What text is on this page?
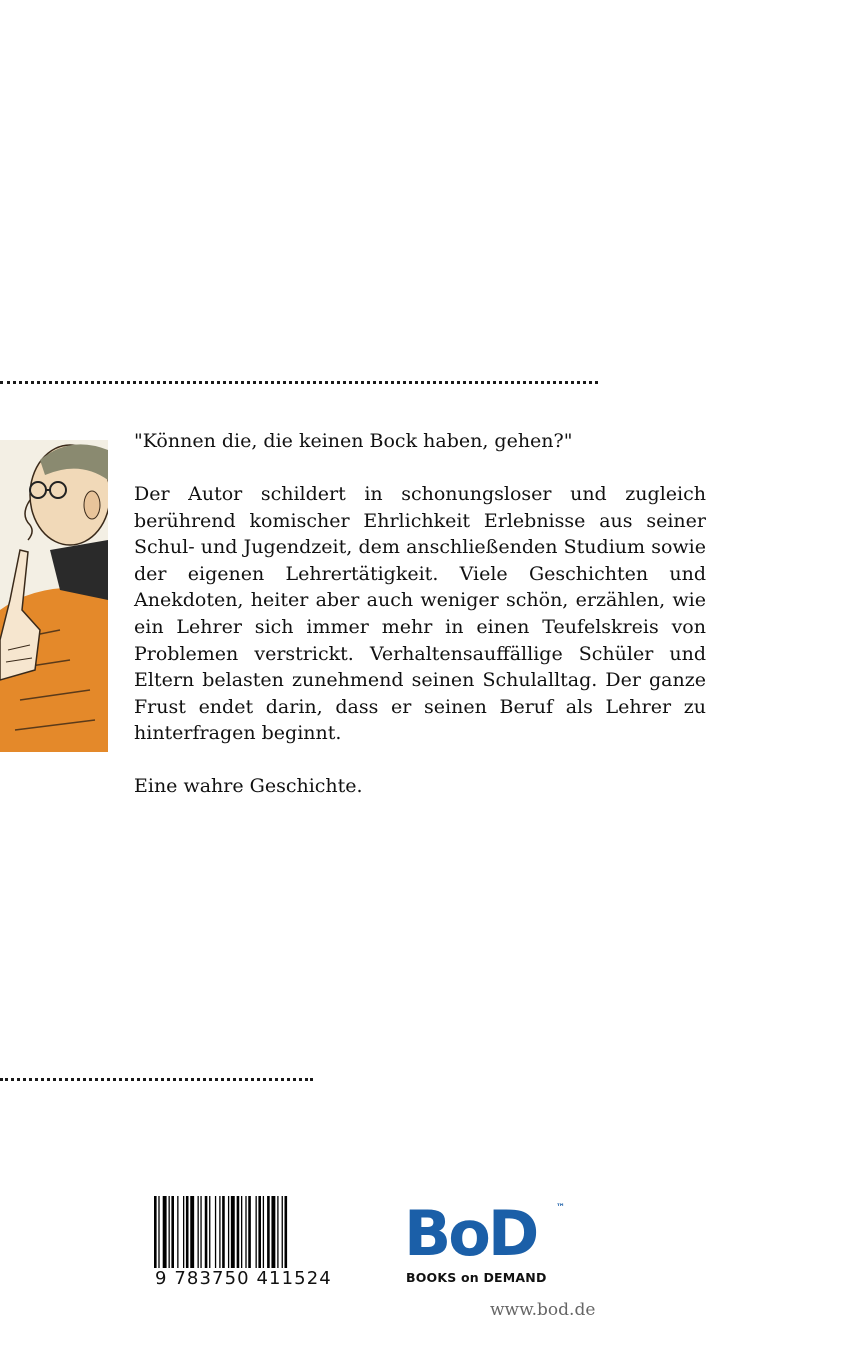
"Können die, die keinen Bock haben, gehen?"
Der Autor schildert in schonungsloser und zugleich berührend komischer Ehrlichkeit Erlebnisse aus seiner Schul- und Jugendzeit, dem anschließenden Studium sowie der eigenen Lehrertätigkeit. Viele Geschichten und Anekdoten, heiter aber auch weniger schön, erzählen, wie ein Lehrer sich immer mehr in einen Teufelskreis von Problemen verstrickt. Verhaltensauffällige Schüler und Eltern belasten zunehmend seinen Schulalltag. Der ganze Frust endet darin, dass er seinen Beruf als Lehrer zu hinterfragen beginnt.
Eine wahre Geschichte.
9 783750 411524
BoD ™
BOOKS on DEMAND
www.bod.de
